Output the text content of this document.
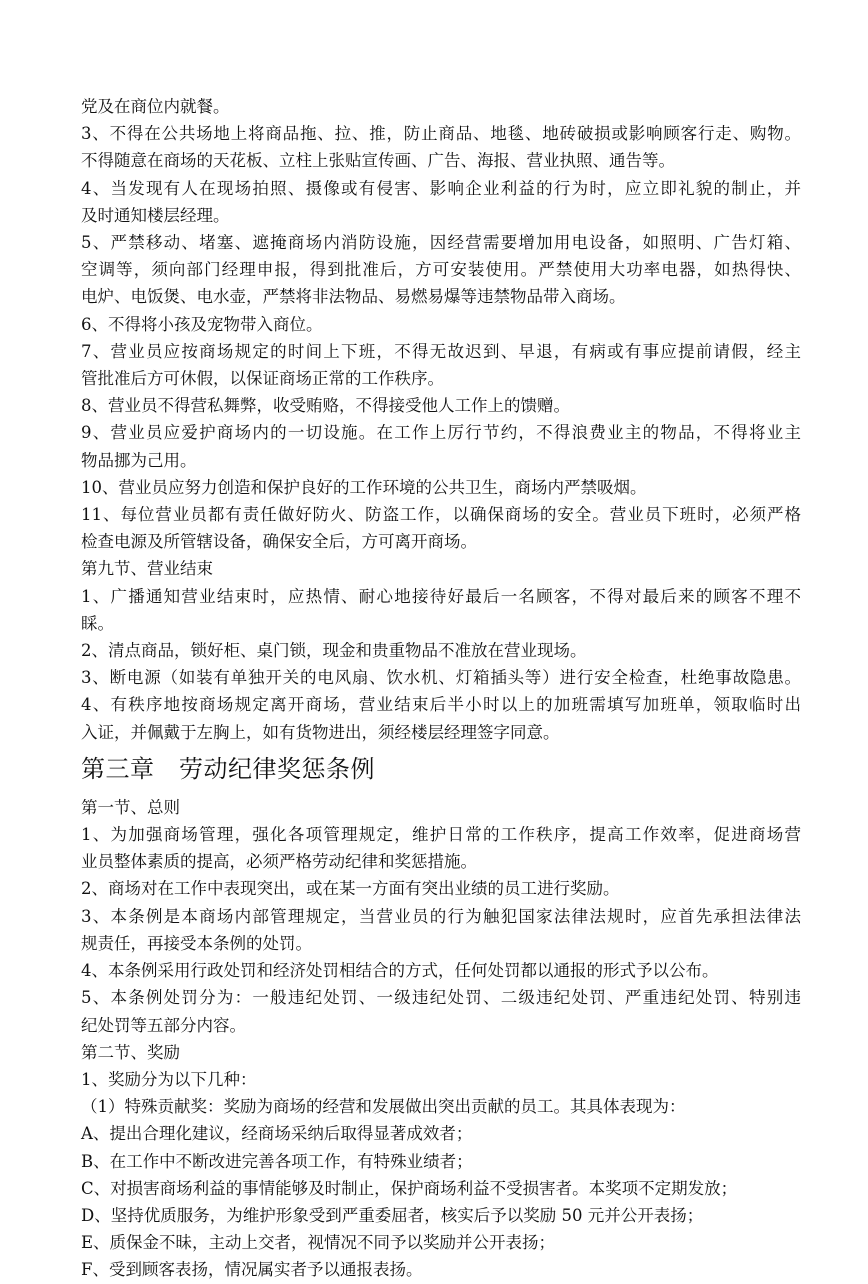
党及在商位内就餐。
3、不得在公共场地上将商品拖、拉、推，防止商品、地毯、地砖破损或影响顾客行走、购物。
不得随意在商场的天花板、立柱上张贴宣传画、广告、海报、营业执照、通告等。
4、当发现有人在现场拍照、摄像或有侵害、影响企业利益的行为时，应立即礼貌的制止，并
及时通知楼层经理。
5、严禁移动、堵塞、遮掩商场内消防设施，因经营需要增加用电设备，如照明、广告灯箱、
空调等，须向部门经理申报，得到批准后，方可安装使用。严禁使用大功率电器，如热得快、
电炉、电饭煲、电水壶，严禁将非法物品、易燃易爆等违禁物品带入商场。
6、不得将小孩及宠物带入商位。
7、营业员应按商场规定的时间上下班，不得无故迟到、早退，有病或有事应提前请假，经主
管批准后方可休假，以保证商场正常的工作秩序。
8、营业员不得营私舞弊，收受贿赂，不得接受他人工作上的馈赠。
9、营业员应爱护商场内的一切设施。在工作上厉行节约，不得浪费业主的物品，不得将业主
物品挪为己用。
10、营业员应努力创造和保护良好的工作环境的公共卫生，商场内严禁吸烟。
11、每位营业员都有责任做好防火、防盗工作，以确保商场的安全。营业员下班时，必须严格
检查电源及所管辖设备，确保安全后，方可离开商场。
第九节、营业结束
1、广播通知营业结束时，应热情、耐心地接待好最后一名顾客，不得对最后来的顾客不理不
睬。
2、清点商品，锁好柜、桌门锁，现金和贵重物品不准放在营业现场。
3、断电源（如装有单独开关的电风扇、饮水机、灯箱插头等）进行安全检查，杜绝事故隐患。
4、有秩序地按商场规定离开商场，营业结束后半小时以上的加班需填写加班单，领取临时出
入证，并佩戴于左胸上，如有货物进出，须经楼层经理签字同意。
第三章　劳动纪律奖惩条例
第一节、总则
1、为加强商场管理，强化各项管理规定，维护日常的工作秩序，提高工作效率，促进商场营
业员整体素质的提高，必须严格劳动纪律和奖惩措施。
2、商场对在工作中表现突出，或在某一方面有突出业绩的员工进行奖励。
3、本条例是本商场内部管理规定，当营业员的行为触犯国家法律法规时，应首先承担法律法
规责任，再接受本条例的处罚。
4、本条例采用行政处罚和经济处罚相结合的方式，任何处罚都以通报的形式予以公布。
5、本条例处罚分为：一般违纪处罚、一级违纪处罚、二级违纪处罚、严重违纪处罚、特别违
纪处罚等五部分内容。
第二节、奖励
1、奖励分为以下几种：
（1）特殊贡献奖：奖励为商场的经营和发展做出突出贡献的员工。其具体表现为：
A、提出合理化建议，经商场采纳后取得显著成效者；
B、在工作中不断改进完善各项工作，有特殊业绩者；
C、对损害商场利益的事情能够及时制止，保护商场利益不受损害者。本奖项不定期发放；
D、坚持优质服务，为维护形象受到严重委屈者，核实后予以奖励 50 元并公开表扬；
E、质保金不昧，主动上交者，视情况不同予以奖励并公开表扬；
F、受到顾客表扬，情况属实者予以通报表扬。
